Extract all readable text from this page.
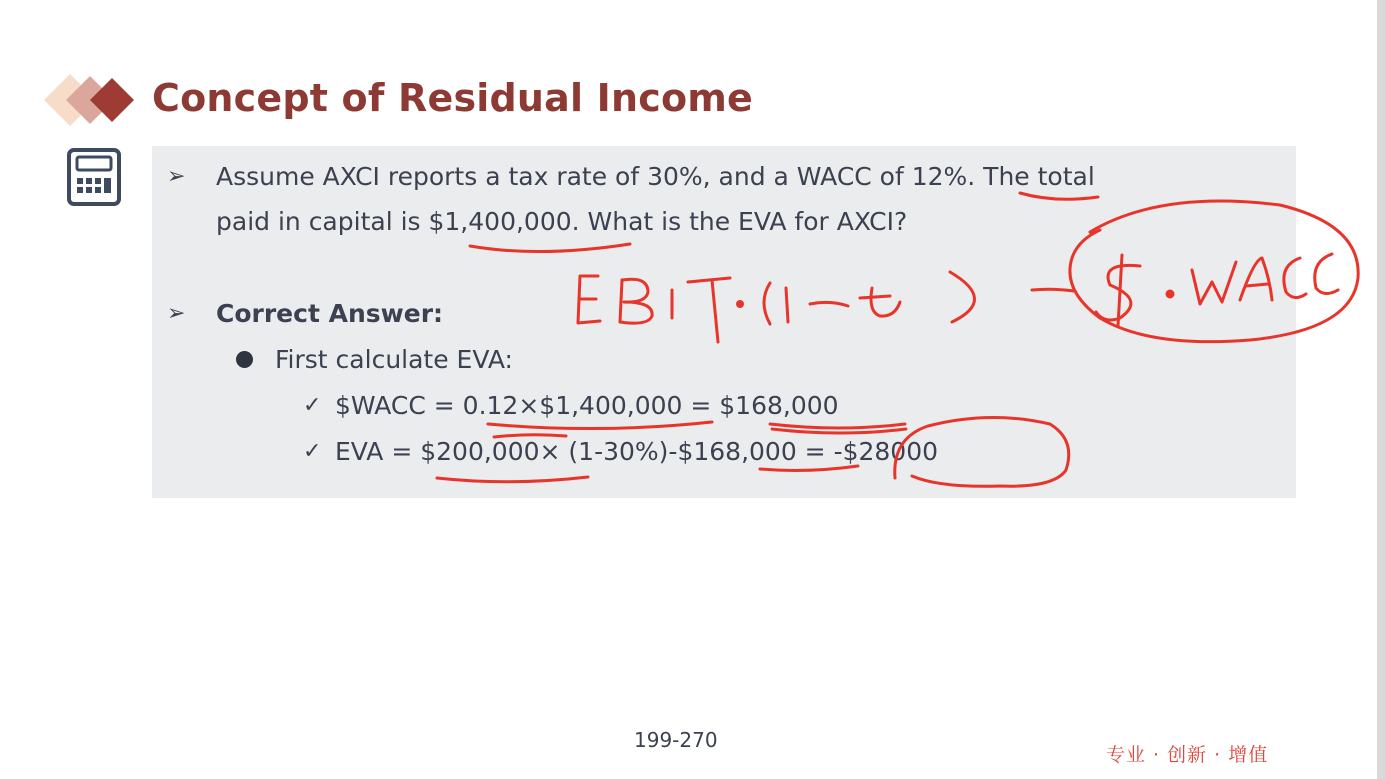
Concept of Residual Income
➢ Assume AXCI reports a tax rate of 30%, and a WACC of 12%. The total
paid in capital is $1,400,000. What is the EVA for AXCI?
➢ Correct Answer:
First calculate EVA:
✓ $WACC = 0.12×$1,400,000 = $168,000
✓ EVA = $200,000× (1-30%)-$168,000 = -$28000
199-270
专业 · 创新 · 增值
